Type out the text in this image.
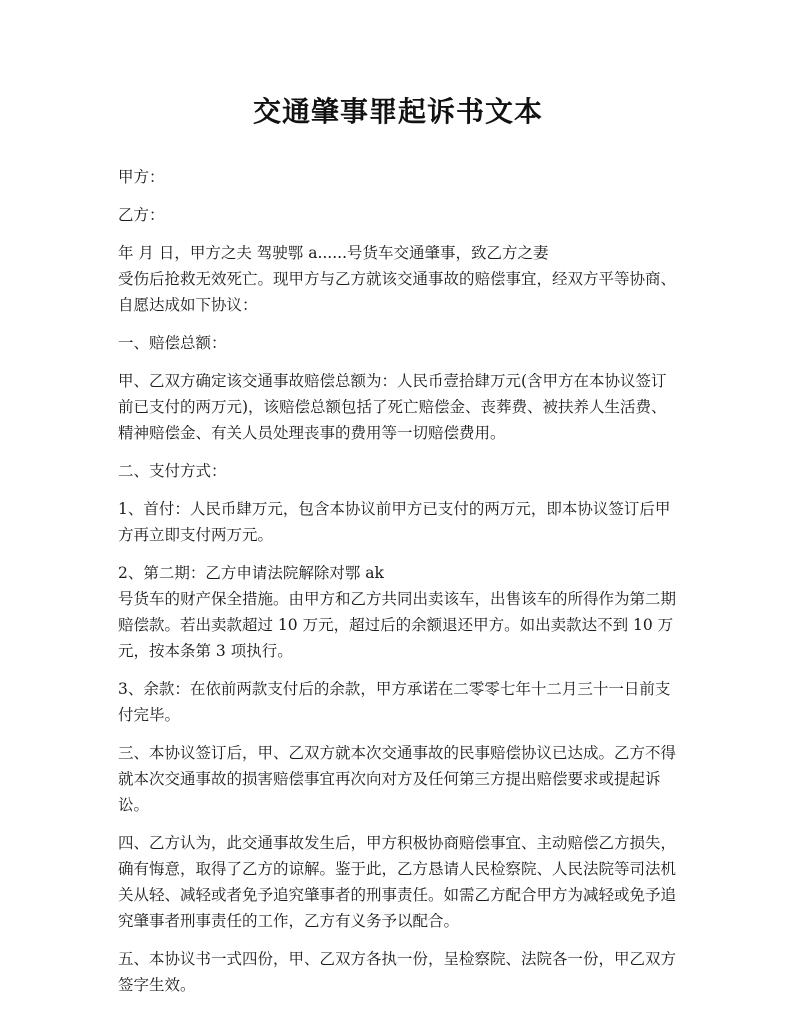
交通肇事罪起诉书文本

甲方：

乙方：

年 月 日，甲方之夫 驾驶鄂 a......号货车交通肇事，致乙方之妻
受伤后抢救无效死亡。现甲方与乙方就该交通事故的赔偿事宜，经双方平等协商、
自愿达成如下协议：

一、赔偿总额：

甲、乙双方确定该交通事故赔偿总额为：人民币壹拾肆万元(含甲方在本协议签订
前已支付的两万元)，该赔偿总额包括了死亡赔偿金、丧葬费、被扶养人生活费、
精神赔偿金、有关人员处理丧事的费用等一切赔偿费用。

二、支付方式：

1、首付：人民币肆万元，包含本协议前甲方已支付的两万元，即本协议签订后甲
方再立即支付两万元。

2、第二期：乙方申请法院解除对鄂 ak
号货车的财产保全措施。由甲方和乙方共同出卖该车，出售该车的所得作为第二期
赔偿款。若出卖款超过 10 万元，超过后的余额退还甲方。如出卖款达不到 10 万
元，按本条第 3 项执行。

3、余款：在依前两款支付后的余款，甲方承诺在二零零七年十二月三十一日前支
付完毕。

三、本协议签订后，甲、乙双方就本次交通事故的民事赔偿协议已达成。乙方不得
就本次交通事故的损害赔偿事宜再次向对方及任何第三方提出赔偿要求或提起诉
讼。

四、乙方认为，此交通事故发生后，甲方积极协商赔偿事宜、主动赔偿乙方损失，
确有悔意，取得了乙方的谅解。鉴于此，乙方恳请人民检察院、人民法院等司法机
关从轻、减轻或者免予追究肇事者的刑事责任。如需乙方配合甲方为减轻或免予追
究肇事者刑事责任的工作，乙方有义务予以配合。

五、本协议书一式四份，甲、乙双方各执一份，呈检察院、法院各一份，甲乙双方
签字生效。
